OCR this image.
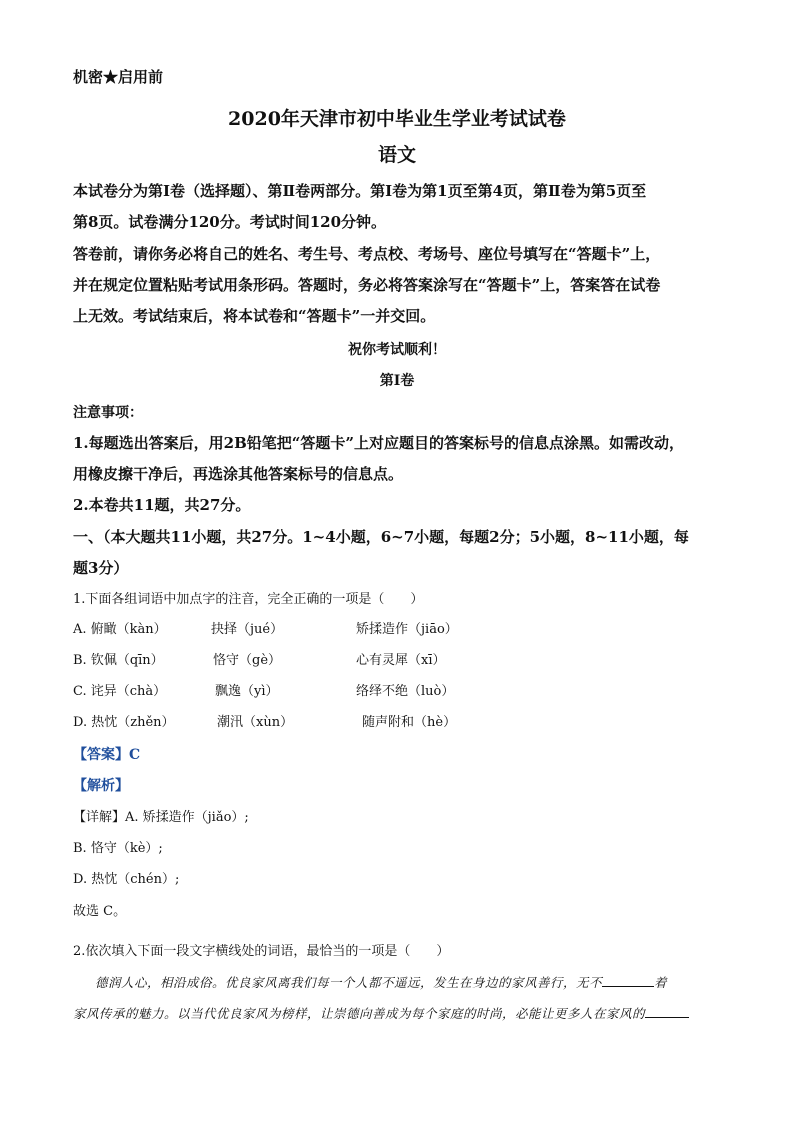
机密★启用前
2020年天津市初中毕业生学业考试试卷
语文
本试卷分为第Ⅰ卷（选择题）、第Ⅱ卷两部分。第Ⅰ卷为第1页至第4页，第Ⅱ卷为第5页至
第8页。试卷满分120分。考试时间120分钟。
答卷前，请你务必将自己的姓名、考生号、考点校、考场号、座位号填写在“答题卡”上，
并在规定位置粘贴考试用条形码。答题时，务必将答案涂写在“答题卡”上，答案答在试卷
上无效。考试结束后，将本试卷和“答题卡”一并交回。
祝你考试顺利！
第Ⅰ卷
注意事项：
1.每题选出答案后，用2B铅笔把“答题卡”上对应题目的答案标号的信息点涂黑。如需改动，
用橡皮擦干净后，再选涂其他答案标号的信息点。
2.本卷共11题，共27分。
一、（本大题共11小题，共27分。1~4小题，6~7小题，每题2分；5小题，8~11小题，每
题3分）
1.下面各组词语中加点字的注音，完全正确的一项是（　　）
A. 俯瞰（kàn）	抉择（jué）	矫揉造作（jiāo）
B. 钦佩（qīn）	恪守（gè）	心有灵犀（xī）
C. 诧异（chà）	飘逸（yì）	络绎不绝（luò）
D. 热忱（zhěn）	潮汛（xùn）	随声附和（hè）
【答案】C
【解析】
【详解】A. 矫揉造作（jiǎo）;
B. 恪守（kè）;
D. 热忱（chén）;
故选 C。
2.依次填入下面一段文字横线处的词语，最恰当的一项是（　　）
德润人心，相沿成俗。优良家风离我们每一个人都不遥远，发生在身边的家风善行，无不	着
家风传承的魅力。以当代优良家风为榜样，让崇德向善成为每个家庭的时尚，必能让更多人在家风的
